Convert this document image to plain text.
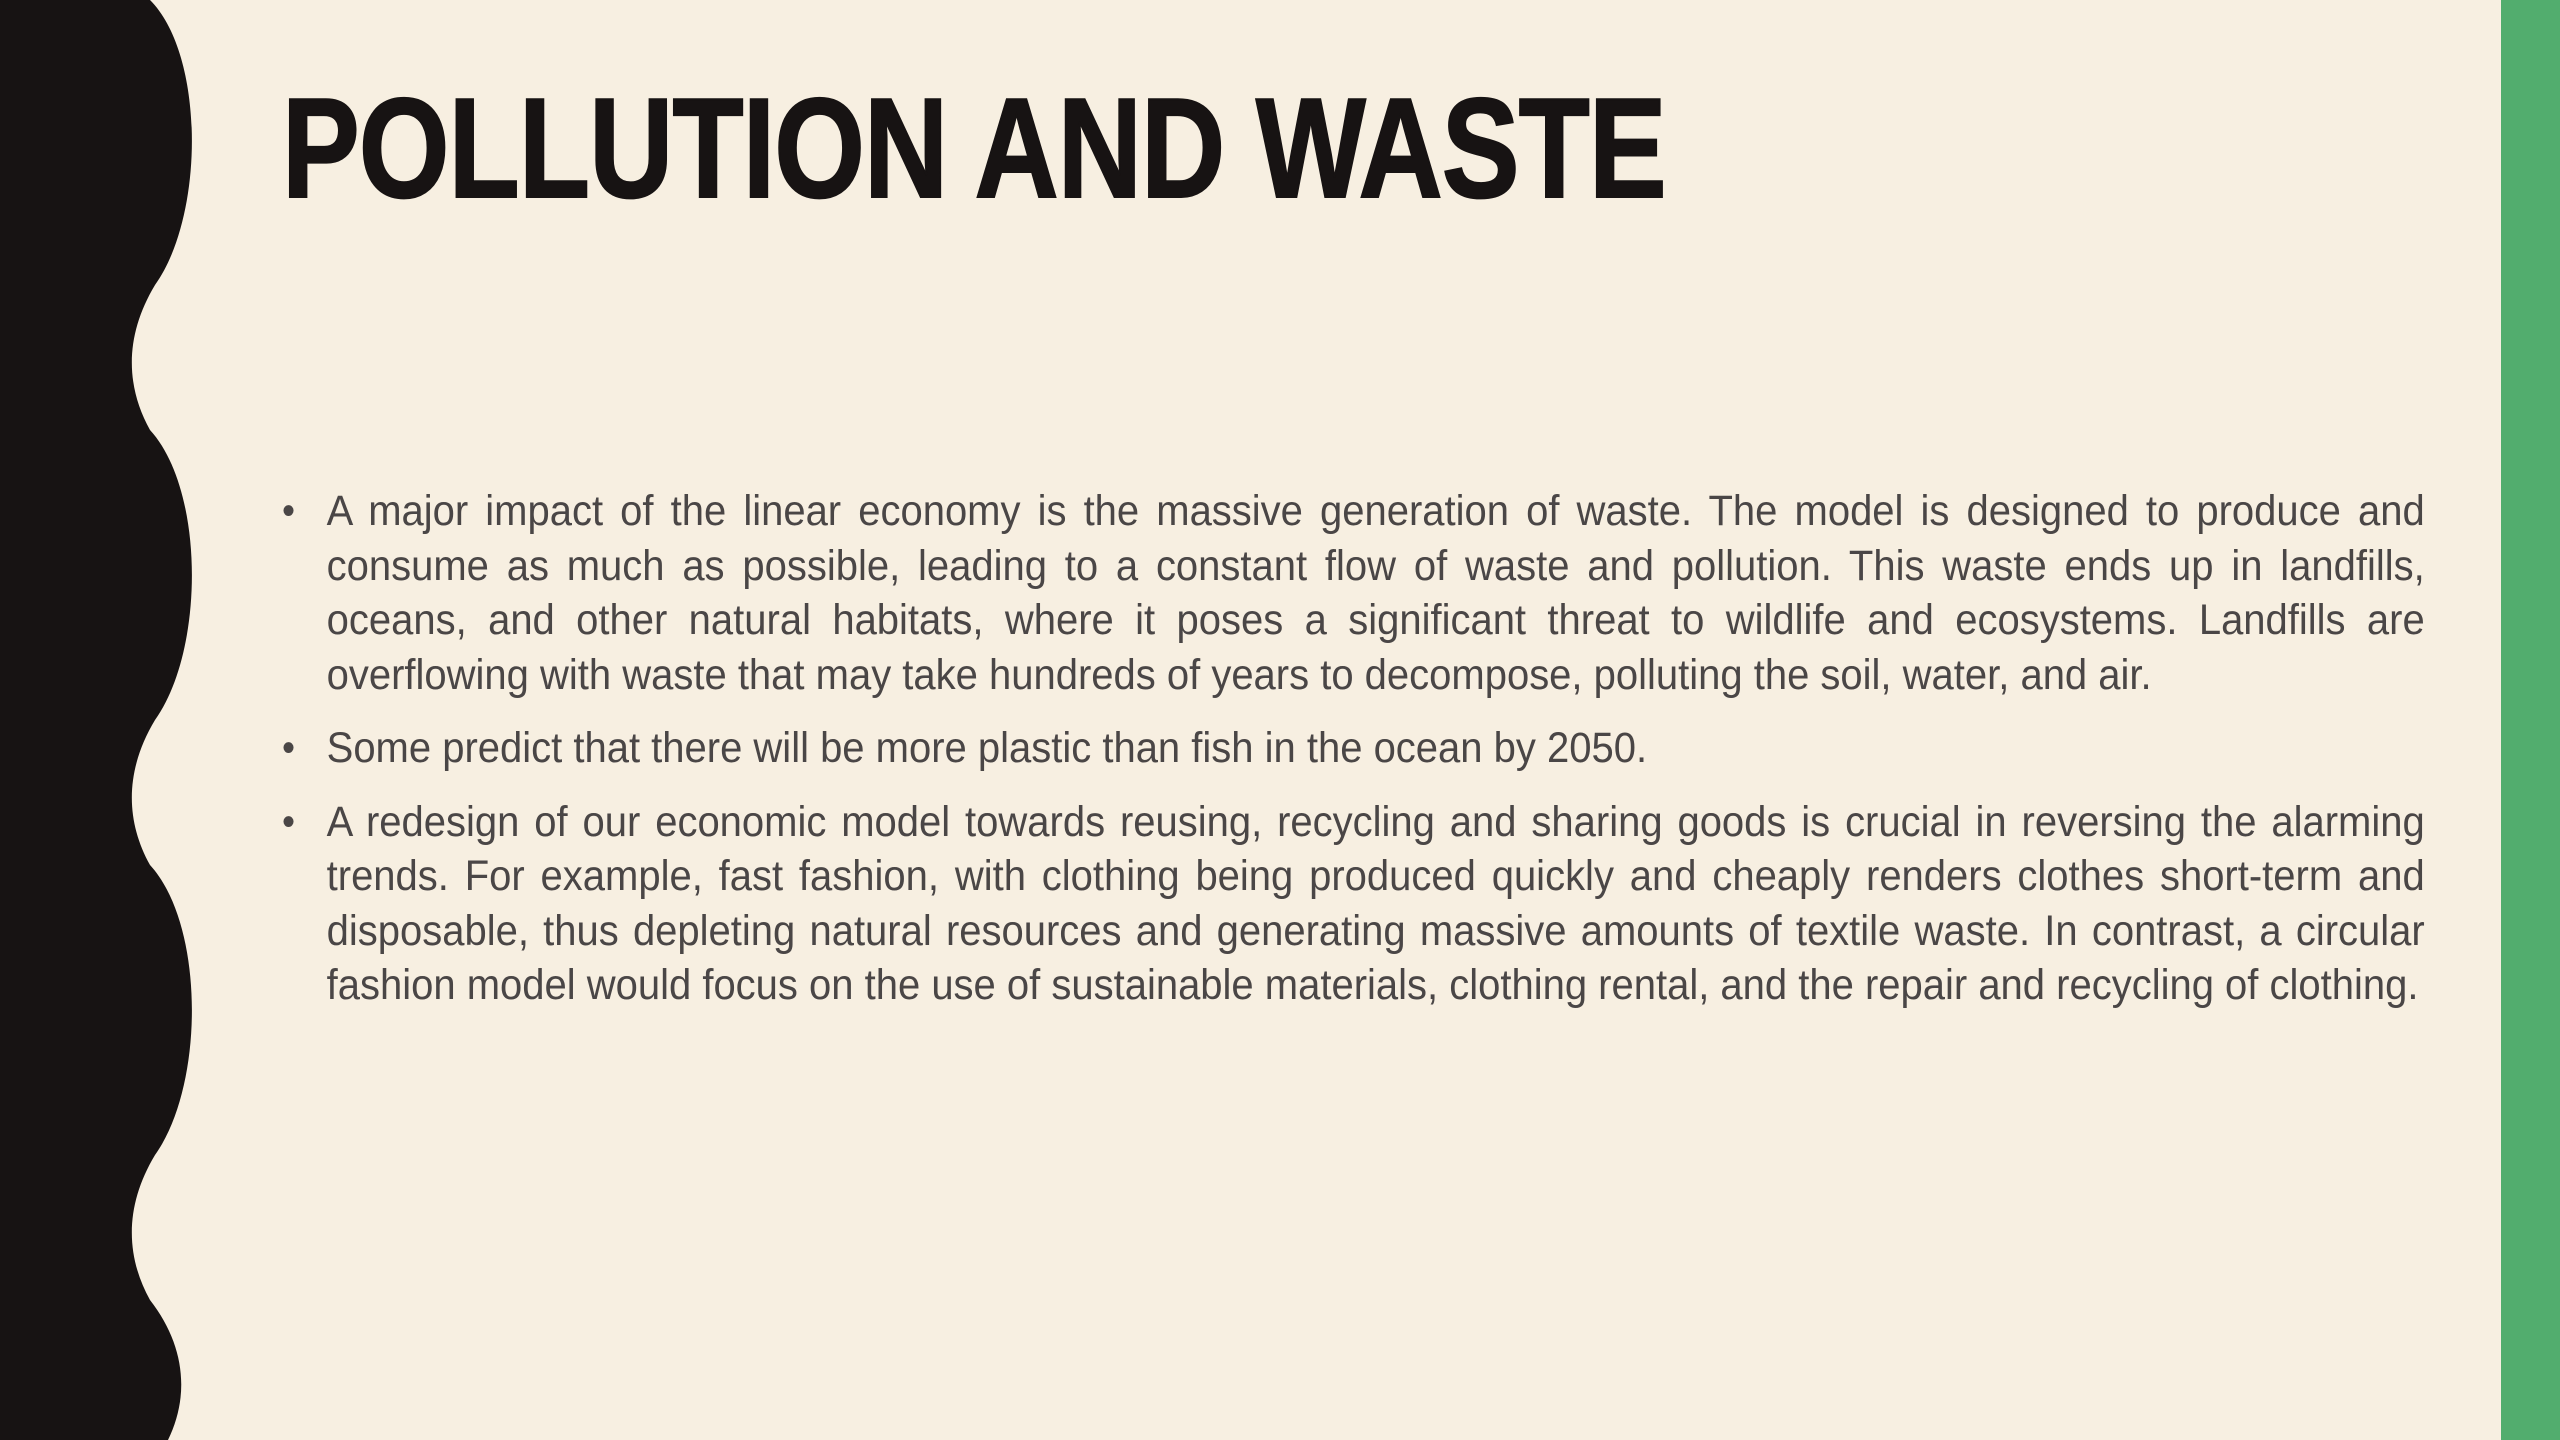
POLLUTION AND WASTE
• A major impact of the linear economy is the massive generation of waste. The model is designed to produce and consume as much as possible, leading to a constant flow of waste and pollution. This waste ends up in landfills, oceans, and other natural habitats, where it poses a significant threat to wildlife and ecosystems. Landfills are overflowing with waste that may take hundreds of years to decompose, polluting the soil, water, and air.
• Some predict that there will be more plastic than fish in the ocean by 2050.
• A redesign of our economic model towards reusing, recycling and sharing goods is crucial in reversing the alarming trends. For example, fast fashion, with clothing being produced quickly and cheaply renders clothes short-term and disposable, thus depleting natural resources and generating massive amounts of textile waste. In contrast, a circular fashion model would focus on the use of sustainable materials, clothing rental, and the repair and recycling of clothing.
